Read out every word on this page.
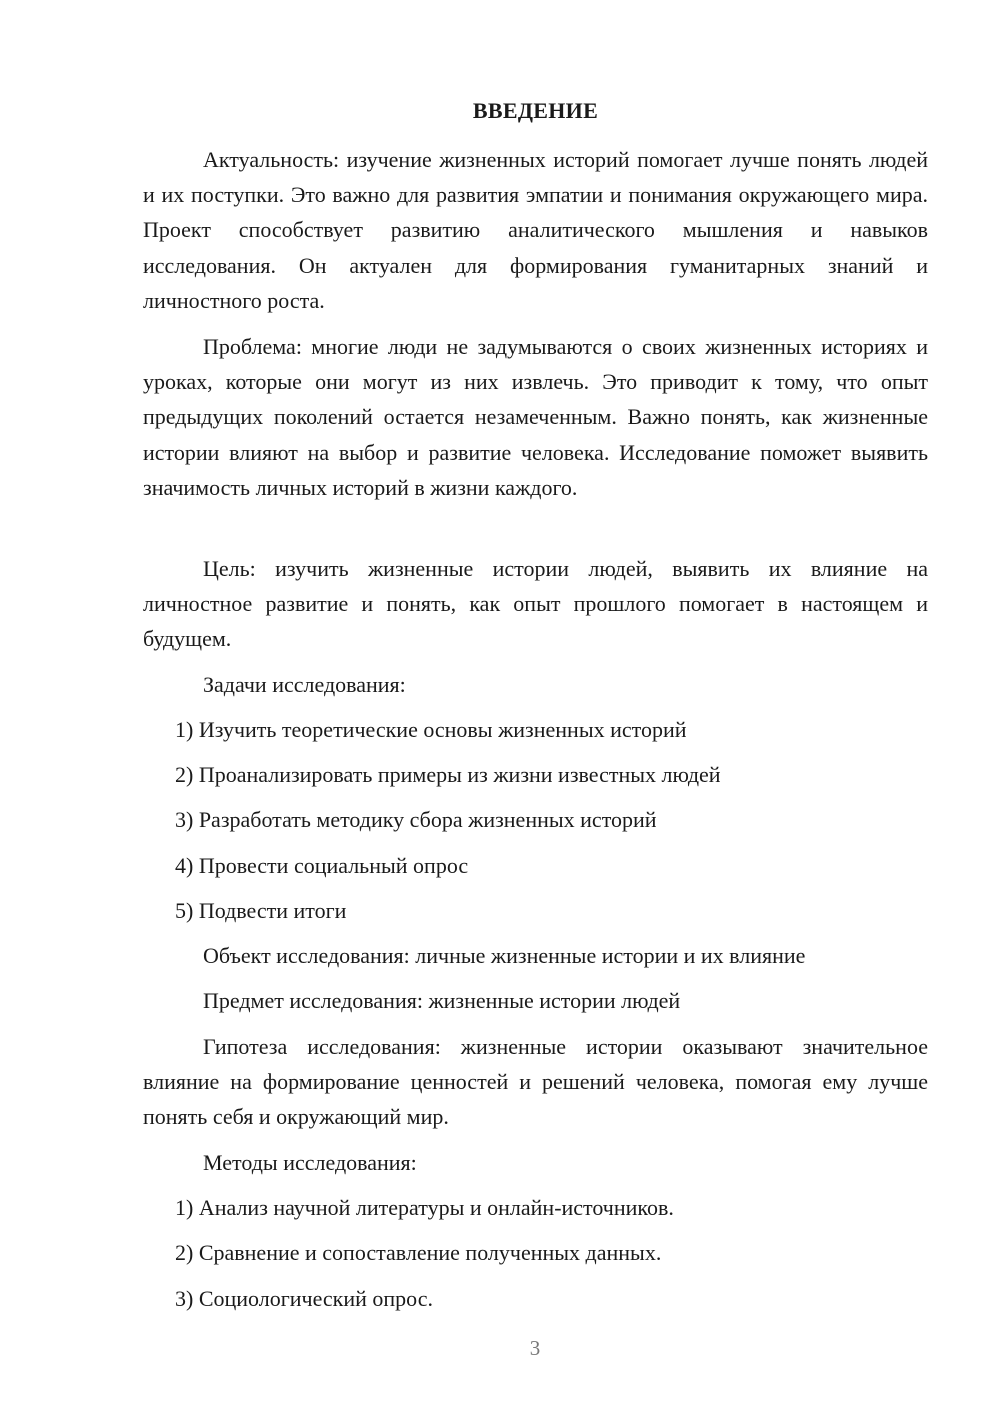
ВВЕДЕНИЕ
Актуальность: изучение жизненных историй помогает лучше понять людей и их поступки. Это важно для развития эмпатии и понимания окружающего мира. Проект способствует развитию аналитического мышления и навыков исследования. Он актуален для формирования гуманитарных знаний и личностного роста.
Проблема: многие люди не задумываются о своих жизненных историях и уроках, которые они могут из них извлечь. Это приводит к тому, что опыт предыдущих поколений остается незамеченным. Важно понять, как жизненные истории влияют на выбор и развитие человека. Исследование поможет выявить значимость личных историй в жизни каждого.
Цель: изучить жизненные истории людей, выявить их влияние на личностное развитие и понять, как опыт прошлого помогает в настоящем и будущем.
Задачи исследования:
1) Изучить теоретические основы жизненных историй
2) Проанализировать примеры из жизни известных людей
3) Разработать методику сбора жизненных историй
4) Провести социальный опрос
5) Подвести итоги
Объект исследования: личные жизненные истории и их влияние
Предмет исследования: жизненные истории людей
Гипотеза исследования: жизненные истории оказывают значительное влияние на формирование ценностей и решений человека, помогая ему лучше понять себя и окружающий мир.
Методы исследования:
1) Анализ научной литературы и онлайн-источников.
2) Сравнение и сопоставление полученных данных.
3) Социологический опрос.
3
